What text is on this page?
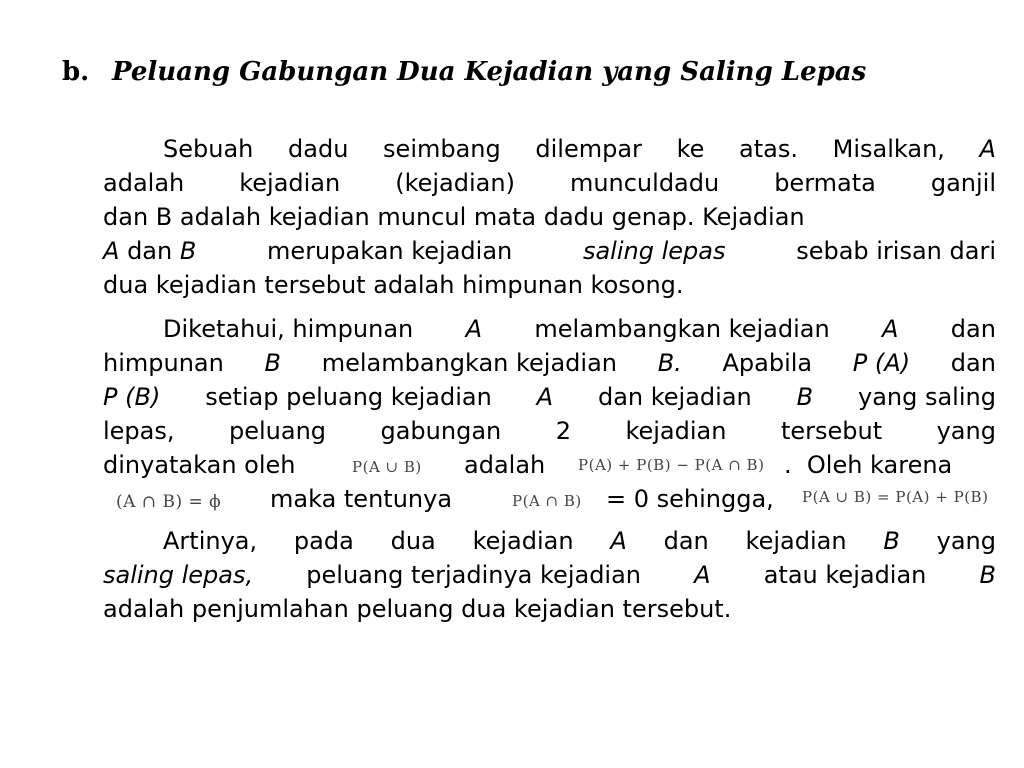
b. Peluang Gabungan Dua Kejadian yang Saling Lepas
Sebuah dadu seimbang dilempar ke atas. Misalkan, A
adalah kejadian (kejadian) munculdadu bermata ganjil
dan B adalah kejadian muncul mata dadu genap. Kejadian
A dan B	merupakan kejadian	saling lepas	sebab irisan dari
dua kejadian tersebut adalah himpunan kosong.
Diketahui, himpunan A melambangkan kejadian A dan
himpunan B melambangkan kejadian B. Apabila P (A) dan
P (B) setiap peluang kejadian A dan kejadian B yang saling
lepas, peluang gabungan 2 kejadian tersebut yang
dinyatakan oleh	P(A ∪ B) adalah P(A) + P(B) − P(A ∩ B) .  Oleh karena
(A ∩ B) = ϕ maka tentunya	P(A ∩ B) = 0 sehingga, P(A ∪ B) = P(A) + P(B)
Artinya, pada dua kejadian A dan kejadian B yang
saling lepas, peluang terjadinya kejadian A atau kejadian B
adalah penjumlahan peluang dua kejadian tersebut.
